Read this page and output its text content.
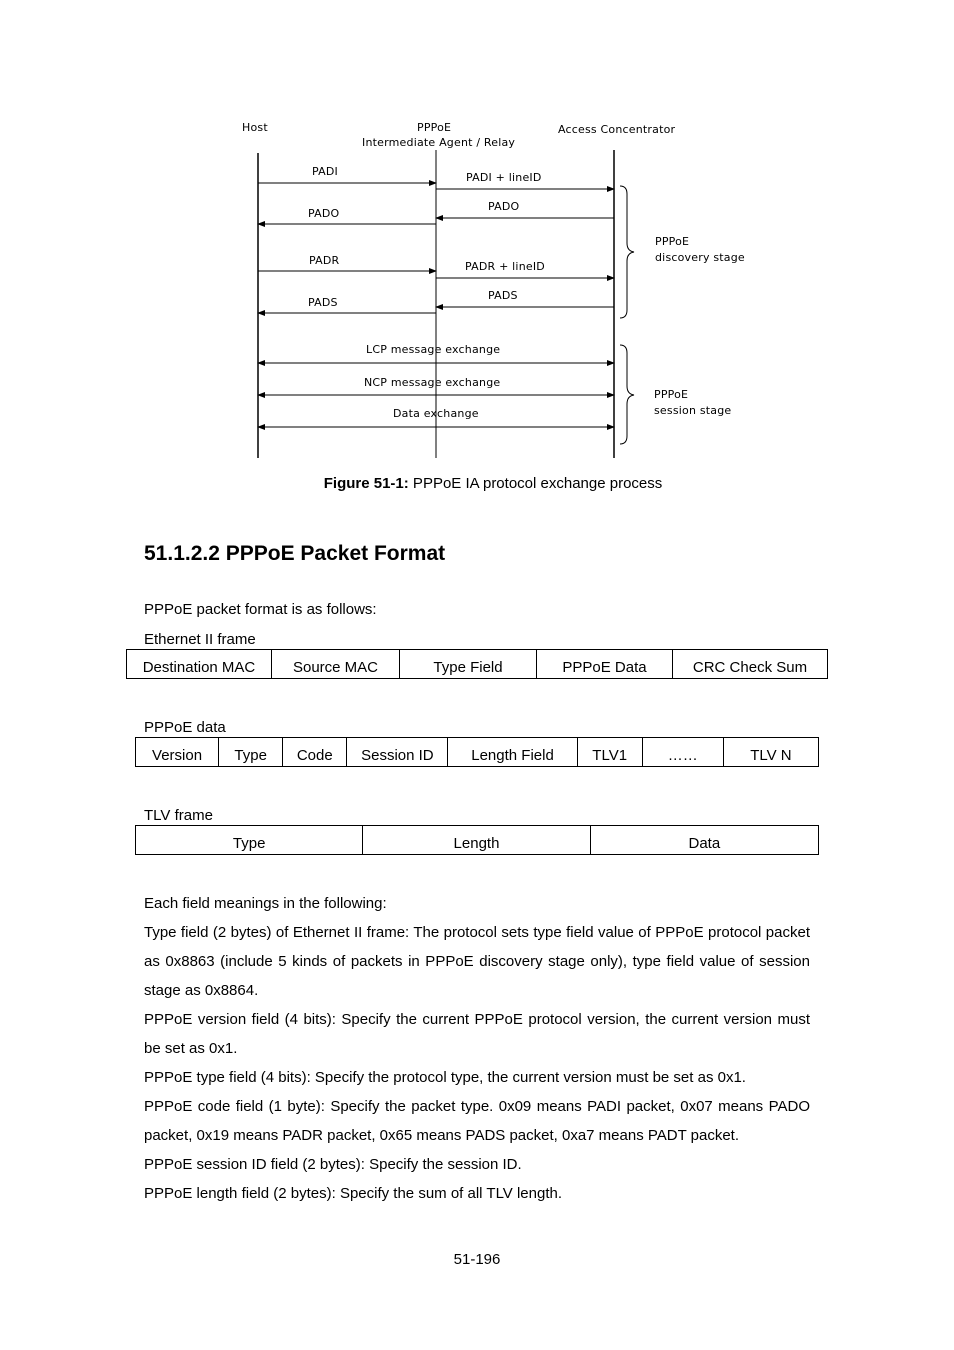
Host	PPPoE
Intermediate Agent / Relay
Access Concentrator
PADI	PADI + lineID
PADO
PADO
PADR	PADR + lineID
PADS
PADS
LCP message exchange
NCP message exchange
Data exchange
PPPoE
discovery stage
PPPoE
session stage
Figure 51-1: PPPoE IA protocol exchange process
51.1.2.2 PPPoE Packet Format
PPPoE packet format is as follows:
Ethernet II frame
Destination MAC	Source MAC	Type Field	PPPoE Data	CRC Check Sum
PPPoE data
Version	Type	Code	Session ID	Length Field	TLV1	……	TLV N
TLV frame
Type	Length	Data

Each field meanings in the following:

Type field (2 bytes) of Ethernet II frame: The protocol sets type field value of PPPoE protocol packet as 0x8863 (include 5 kinds of packets in PPPoE discovery stage only), type field value of session stage as 0x8864.

PPPoE version field (4 bits): Specify the current PPPoE protocol version, the current version must be set as 0x1.

PPPoE type field (4 bits): Specify the protocol type, the current version must be set as 0x1.

PPPoE code field (1 byte): Specify the packet type. 0x09 means PADI packet, 0x07 means PADO packet, 0x19 means PADR packet, 0x65 means PADS packet, 0xa7 means PADT packet.

PPPoE session ID field (2 bytes): Specify the session ID.

PPPoE length field (2 bytes): Specify the sum of all TLV length.

51-196
